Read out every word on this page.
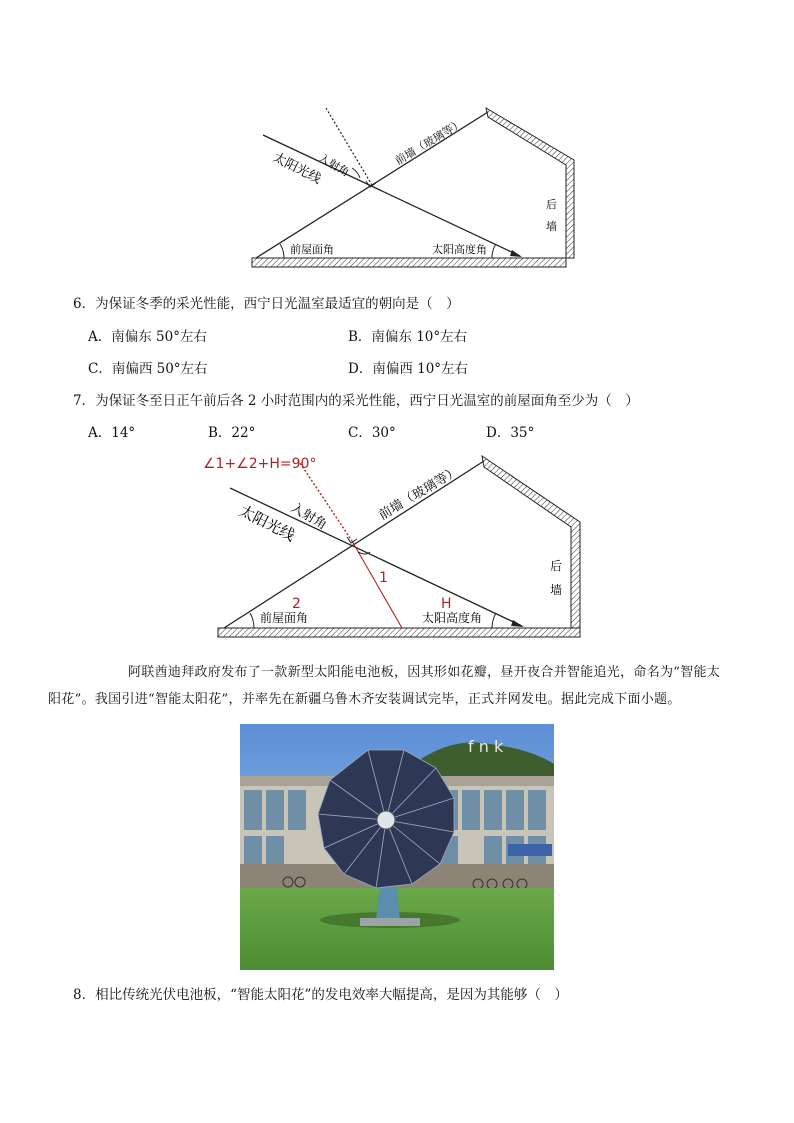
入射角
太阳光线
前墙（玻璃等）
后
墙
前屋面角	太阳高度角
6．为保证冬季的采光性能，西宁日光温室最适宜的朝向是（　）
A．南偏东 50°左右	B．南偏东 10°左右
C．南偏西 50°左右	D．南偏西 10°左右
7．为保证冬至日正午前后各 2 小时范围内的采光性能，西宁日光温室的前屋面角至少为（　）
A．14°	B．22°	C．30°	D．35°
∠1+∠2+H=90°
入射角
太阳光线	前墙（玻璃等）
后
墙
1
2	H
前屋面角	太阳高度角
阿联酋迪拜政府发布了一款新型太阳能电池板，因其形如花瓣，昼开夜合并智能追光，命名为“智能太
阳花”。我国引进“智能太阳花”，并率先在新疆乌鲁木齐安装调试完毕，正式并网发电。据此完成下面小题。
f n k
8．相比传统光伏电池板，“智能太阳花”的发电效率大幅提高，是因为其能够（　）
